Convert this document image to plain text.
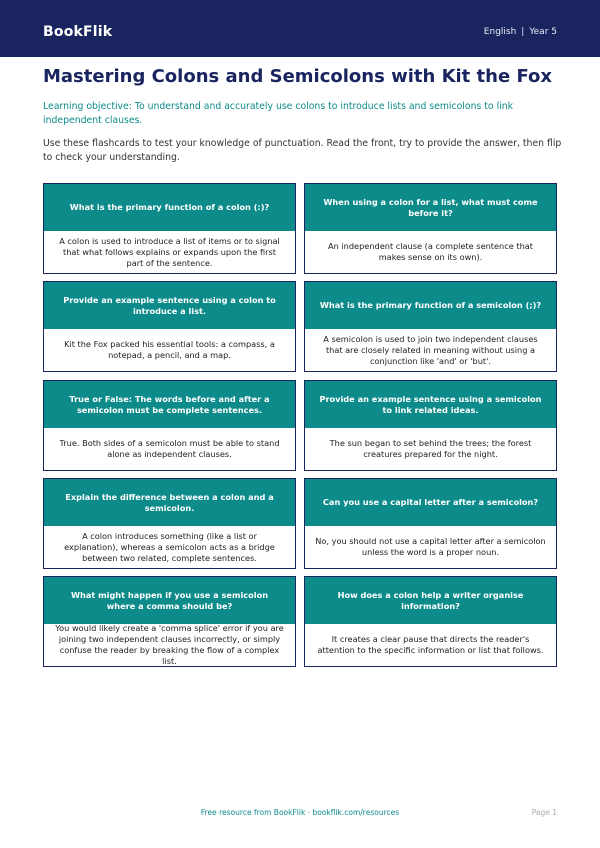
BookFlik	English | Year 5
Mastering Colons and Semicolons with Kit the Fox
Learning objective: To understand and accurately use colons to introduce lists and semicolons to link independent clauses.
Use these flashcards to test your knowledge of punctuation. Read the front, try to provide the answer, then flip to check your understanding.
What is the primary function of a colon (:)?
A colon is used to introduce a list of items or to signal that what follows explains or expands upon the first part of the sentence.
When using a colon for a list, what must come before it?
An independent clause (a complete sentence that makes sense on its own).
Provide an example sentence using a colon to introduce a list.
Kit the Fox packed his essential tools: a compass, a notepad, a pencil, and a map.
What is the primary function of a semicolon (;)?
A semicolon is used to join two independent clauses that are closely related in meaning without using a conjunction like 'and' or 'but'.
True or False: The words before and after a semicolon must be complete sentences.
True. Both sides of a semicolon must be able to stand alone as independent clauses.
Provide an example sentence using a semicolon to link related ideas.
The sun began to set behind the trees; the forest creatures prepared for the night.
Explain the difference between a colon and a semicolon.
A colon introduces something (like a list or explanation), whereas a semicolon acts as a bridge between two related, complete sentences.
Can you use a capital letter after a semicolon?
No, you should not use a capital letter after a semicolon unless the word is a proper noun.
What might happen if you use a semicolon where a comma should be?
You would likely create a 'comma splice' error if you are joining two independent clauses incorrectly, or simply confuse the reader by breaking the flow of a complex list.
How does a colon help a writer organise information?
It creates a clear pause that directs the reader's attention to the specific information or list that follows.
Free resource from BookFlik · bookflik.com/resources	Page 1
